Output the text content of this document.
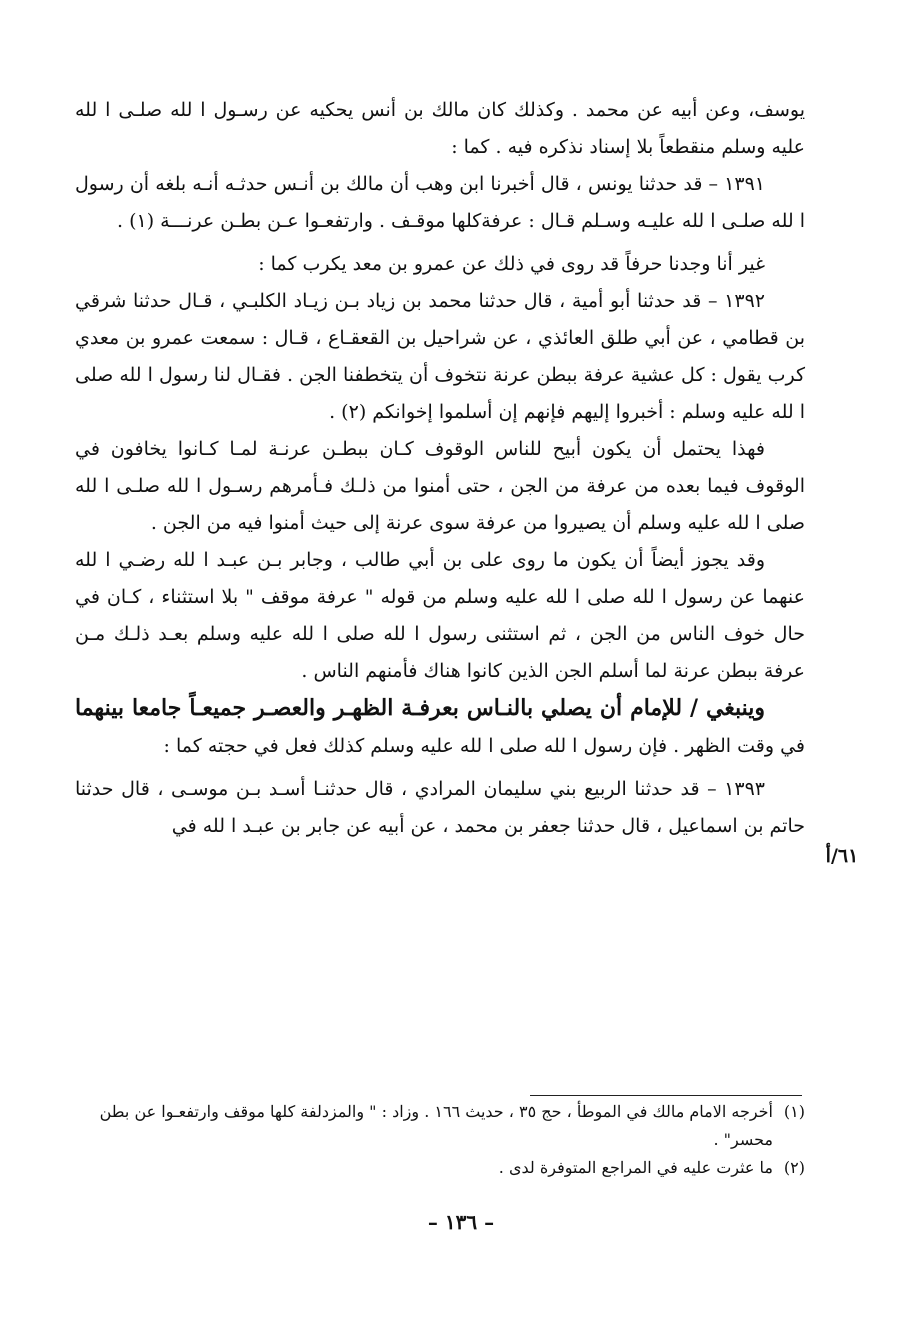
يوسف، وعن أبيه عن محمد . وكذلك كان مالك بن أنس يحكيه عن رسـول ا لله صلـى ا لله عليه وسلم منقطعاً بلا إسناد نذكره فيه . كما :

١٣٩١ – قد حدثنا يونس ، قال أخبرنا ابن وهب أن مالك بن أنـس حدثـه أنـه بلغه أن رسول ا لله صلـى ا لله عليـه وسـلم قـال : عرفةكلها موقـف . وارتفعـوا عـن بطـن عرنـــة (١) .

غير أنا وجدنا حرفاً قد روى في ذلك عن عمرو بن معد يكرب كما :

١٣٩٢ – قد حدثنا أبو أمية ، قال حدثنا محمد بن زياد بـن زيـاد الكلبـي ، قـال حدثنا شرقي بن قطامي ، عن أبي طلق العائذي ، عن شراحيل بن القعقـاع ، قـال : سمعت عمرو بن معدي كرب يقول : كل عشية عرفة ببطن عرنة نتخوف أن يتخطفنا الجن . فقـال لنا رسول ا لله صلى ا لله عليه وسلم : أخبروا إليهم فإنهم إن أسلموا إخوانكم (٢) .

فهذا يحتمل أن يكون أبيح للناس الوقوف كـان ببطـن عرنـة لمـا كـانوا يخافون في الوقوف فيما بعده من عرفة من الجن ، حتى أمنوا من ذلـك فـأمرهم رسـول ا لله صلـى ا لله صلى ا لله عليه وسلم أن يصيروا من عرفة سوى عرنة إلى حيث أمنوا فيه من الجن .

وقد يجوز أيضاً أن يكون ما روى على بن أبي طالب ، وجابر بـن عبـد ا لله رضـي ا لله عنهما عن رسول ا لله صلى ا لله عليه وسلم من قوله " عرفة موقف " بلا استثناء ، كـان في حال خوف الناس من الجن ، ثم استثنى رسول ا لله صلى ا لله عليه وسلم بعـد ذلـك مـن عرفة ببطن عرنة لما أسلم الجن الذين كانوا هناك فأمنهم الناس .

وينبغي / للإمام أن يصلي بالنـاس بعرفـة الظهـر والعصـر جميعـاً جامعا بينهما في وقت الظهر . فإن رسول ا لله صلى ا لله عليه وسلم كذلك فعل في حجته كما :

١٣٩٣ – قد حدثنا الربيع بني سليمان المرادي ، قال حدثنـا أسـد بـن موسـى ، قال حدثنا حاتم بن اسماعيل ، قال حدثنا جعفر بن محمد ، عن أبيه عن جابر بن عبـد ا لله في

٦١/أ

(١)
أخرجه الامام مالك في الموطأ ، حج ٣٥ ، حديث ١٦٦ . وزاد : " والمزدلفة كلها موقف وارتفعـوا عن بطن محسر" .

(٢)
ما عثرت عليه في المراجع المتوفرة لدى .

– ١٣٦ –
